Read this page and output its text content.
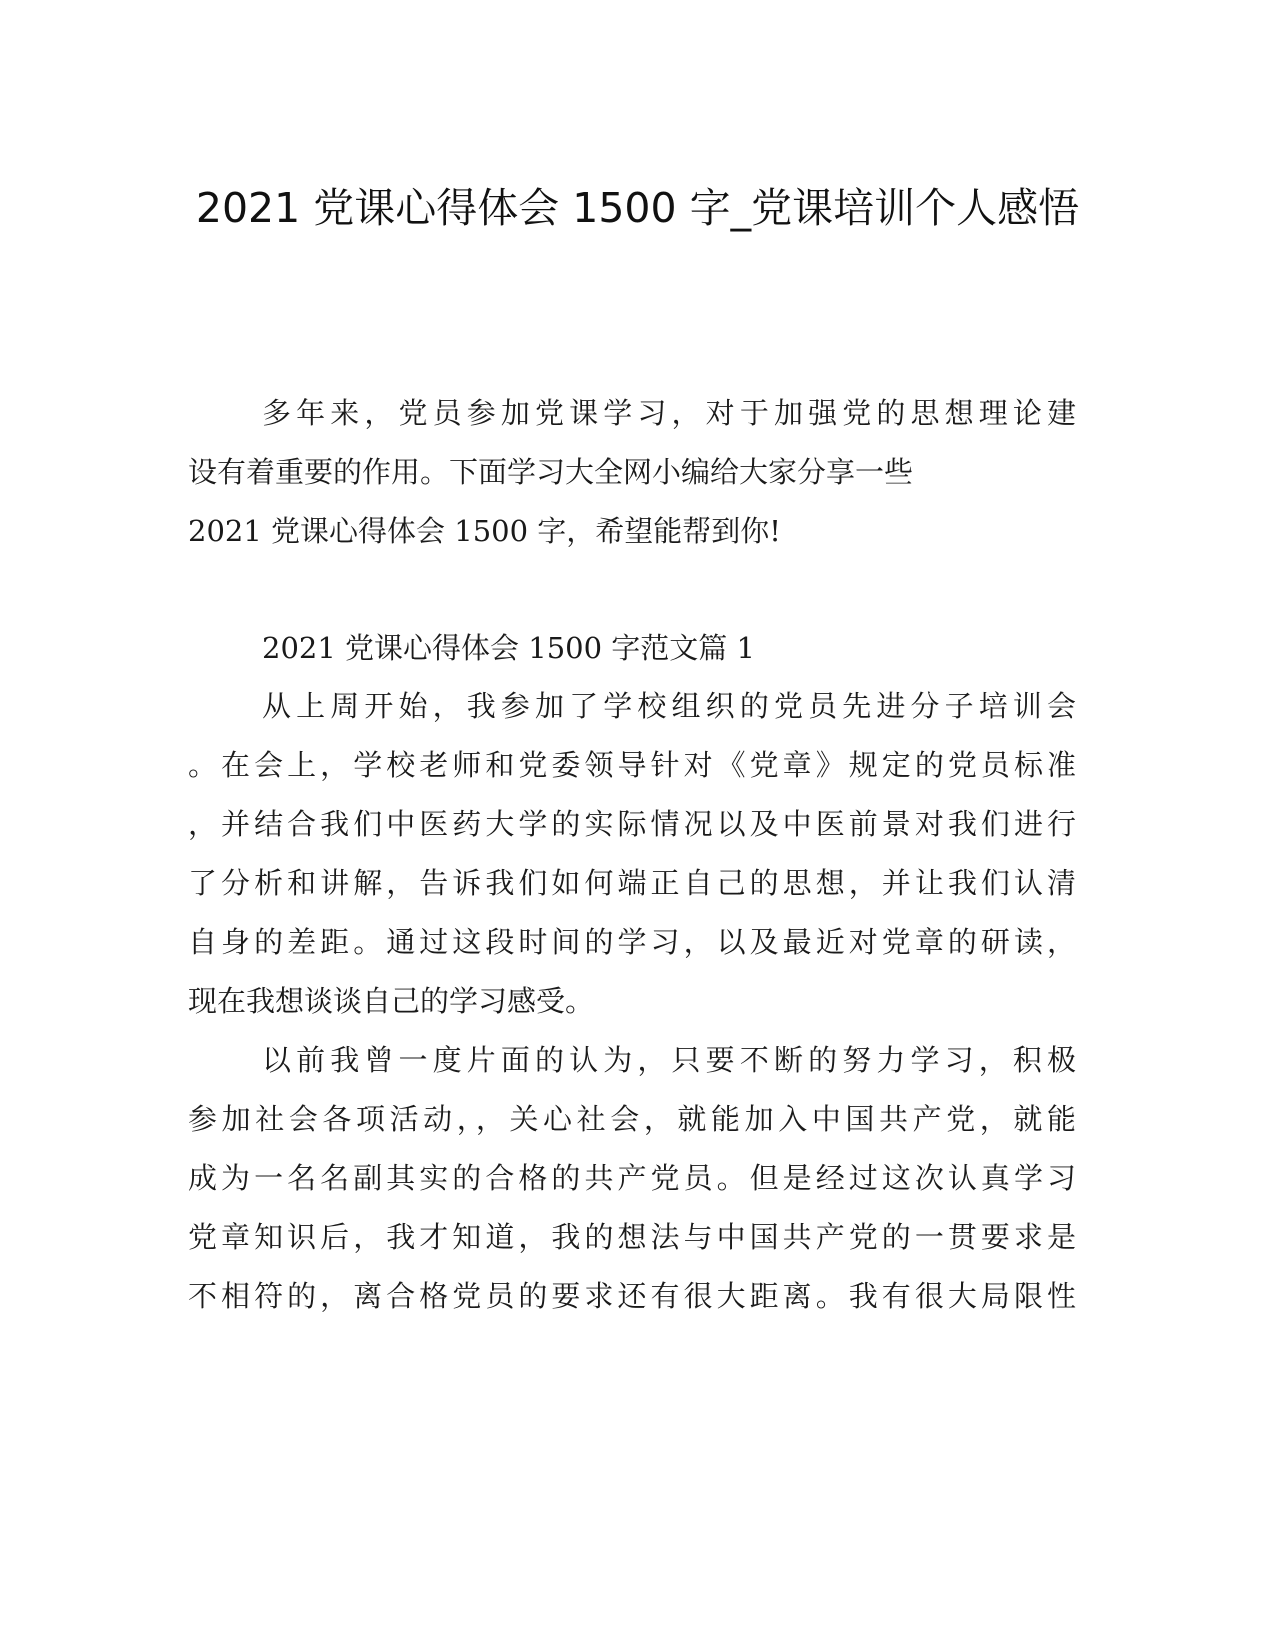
2021 党课心得体会 1500 字_党课培训个人感悟
多年来，党员参加党课学习，对于加强党的思想理论建
设有着重要的作用。下面学习大全网小编给大家分享一些
2021 党课心得体会 1500 字，希望能帮到你!
2021 党课心得体会 1500 字范文篇 1
从上周开始，我参加了学校组织的党员先进分子培训会
。在会上，学校老师和党委领导针对《党章》规定的党员标准
，并结合我们中医药大学的实际情况以及中医前景对我们进行
了分析和讲解，告诉我们如何端正自己的思想，并让我们认清
自身的差距。通过这段时间的学习，以及最近对党章的研读，
现在我想谈谈自己的学习感受。
以前我曾一度片面的认为，只要不断的努力学习，积极
参加社会各项活动，，关心社会，就能加入中国共产党，就能
成为一名名副其实的合格的共产党员。但是经过这次认真学习
党章知识后，我才知道，我的想法与中国共产党的一贯要求是
不相符的，离合格党员的要求还有很大距离。我有很大局限性
